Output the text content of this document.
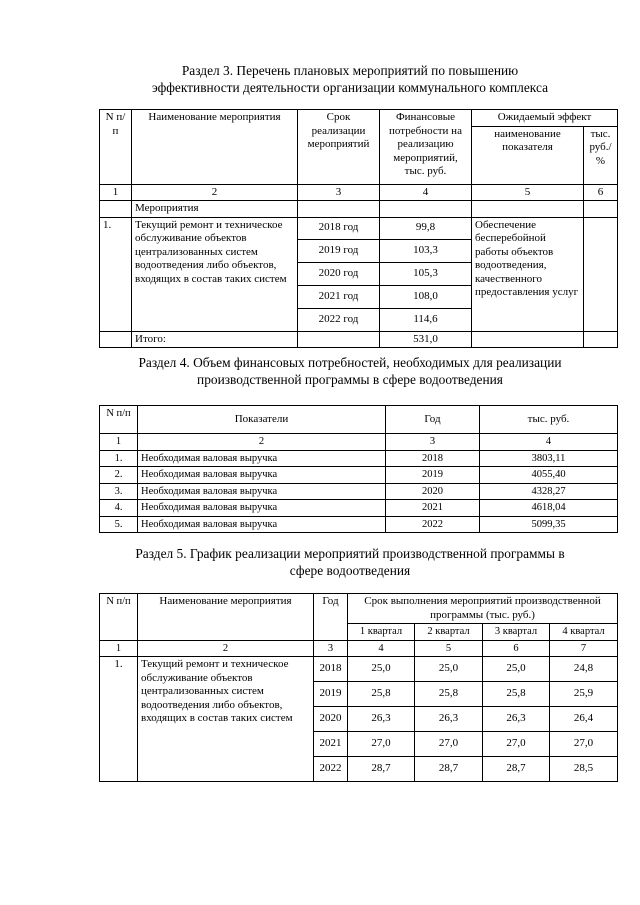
Раздел 3. Перечень плановых мероприятий по повышению
эффективности деятельности организации коммунального комплекса
N п/п	Наименование мероприятия	Срок реализации мероприятий	Финансовые потребности на реализацию мероприятий, тыс. руб.	Ожидаемый эффект	
				наименование показателя	тыс. руб./ %
1	2	3	4	5	6
	Мероприятия				
1.	Текущий ремонт и техническое обслуживание объектов централизованных систем водоотведения либо объектов, входящих в состав таких систем	2018 год	99,8	Обеспечение бесперебойной работы объектов водоотведения, качественного предоставления услуг	
		2019 год	103,3		
		2020 год	105,3		
		2021 год	108,0		
		2022 год	114,6		
	Итого:		531,0		
Раздел 4. Объем финансовых потребностей, необходимых для реализации
производственной программы в сфере водоотведения
N п/п	Показатели	Год	тыс. руб.
1	2	3	4
1.	Необходимая валовая выручка	2018	3803,11
2.	Необходимая валовая выручка	2019	4055,40
3.	Необходимая валовая выручка	2020	4328,27
4.	Необходимая валовая выручка	2021	4618,04
5.	Необходимая валовая выручка	2022	5099,35
Раздел 5. График реализации мероприятий производственной программы в
сфере водоотведения
N п/п	Наименование мероприятия	Год	Срок выполнения мероприятий производственной программы (тыс. руб.)			

			1 квартал	2 квартал	3 квартал	4 квартал
1	2	3	4	5	6	7
1.	Текущий ремонт и техническое обслуживание объектов централизованных систем водоотведения либо объектов, входящих в состав таких систем	2018	25,0	25,0	25,0	24,8
		2019	25,8	25,8	25,8	25,9
		2020	26,3	26,3	26,3	26,4
		2021	27,0	27,0	27,0	27,0
		2022	28,7	28,7	28,7	28,5
